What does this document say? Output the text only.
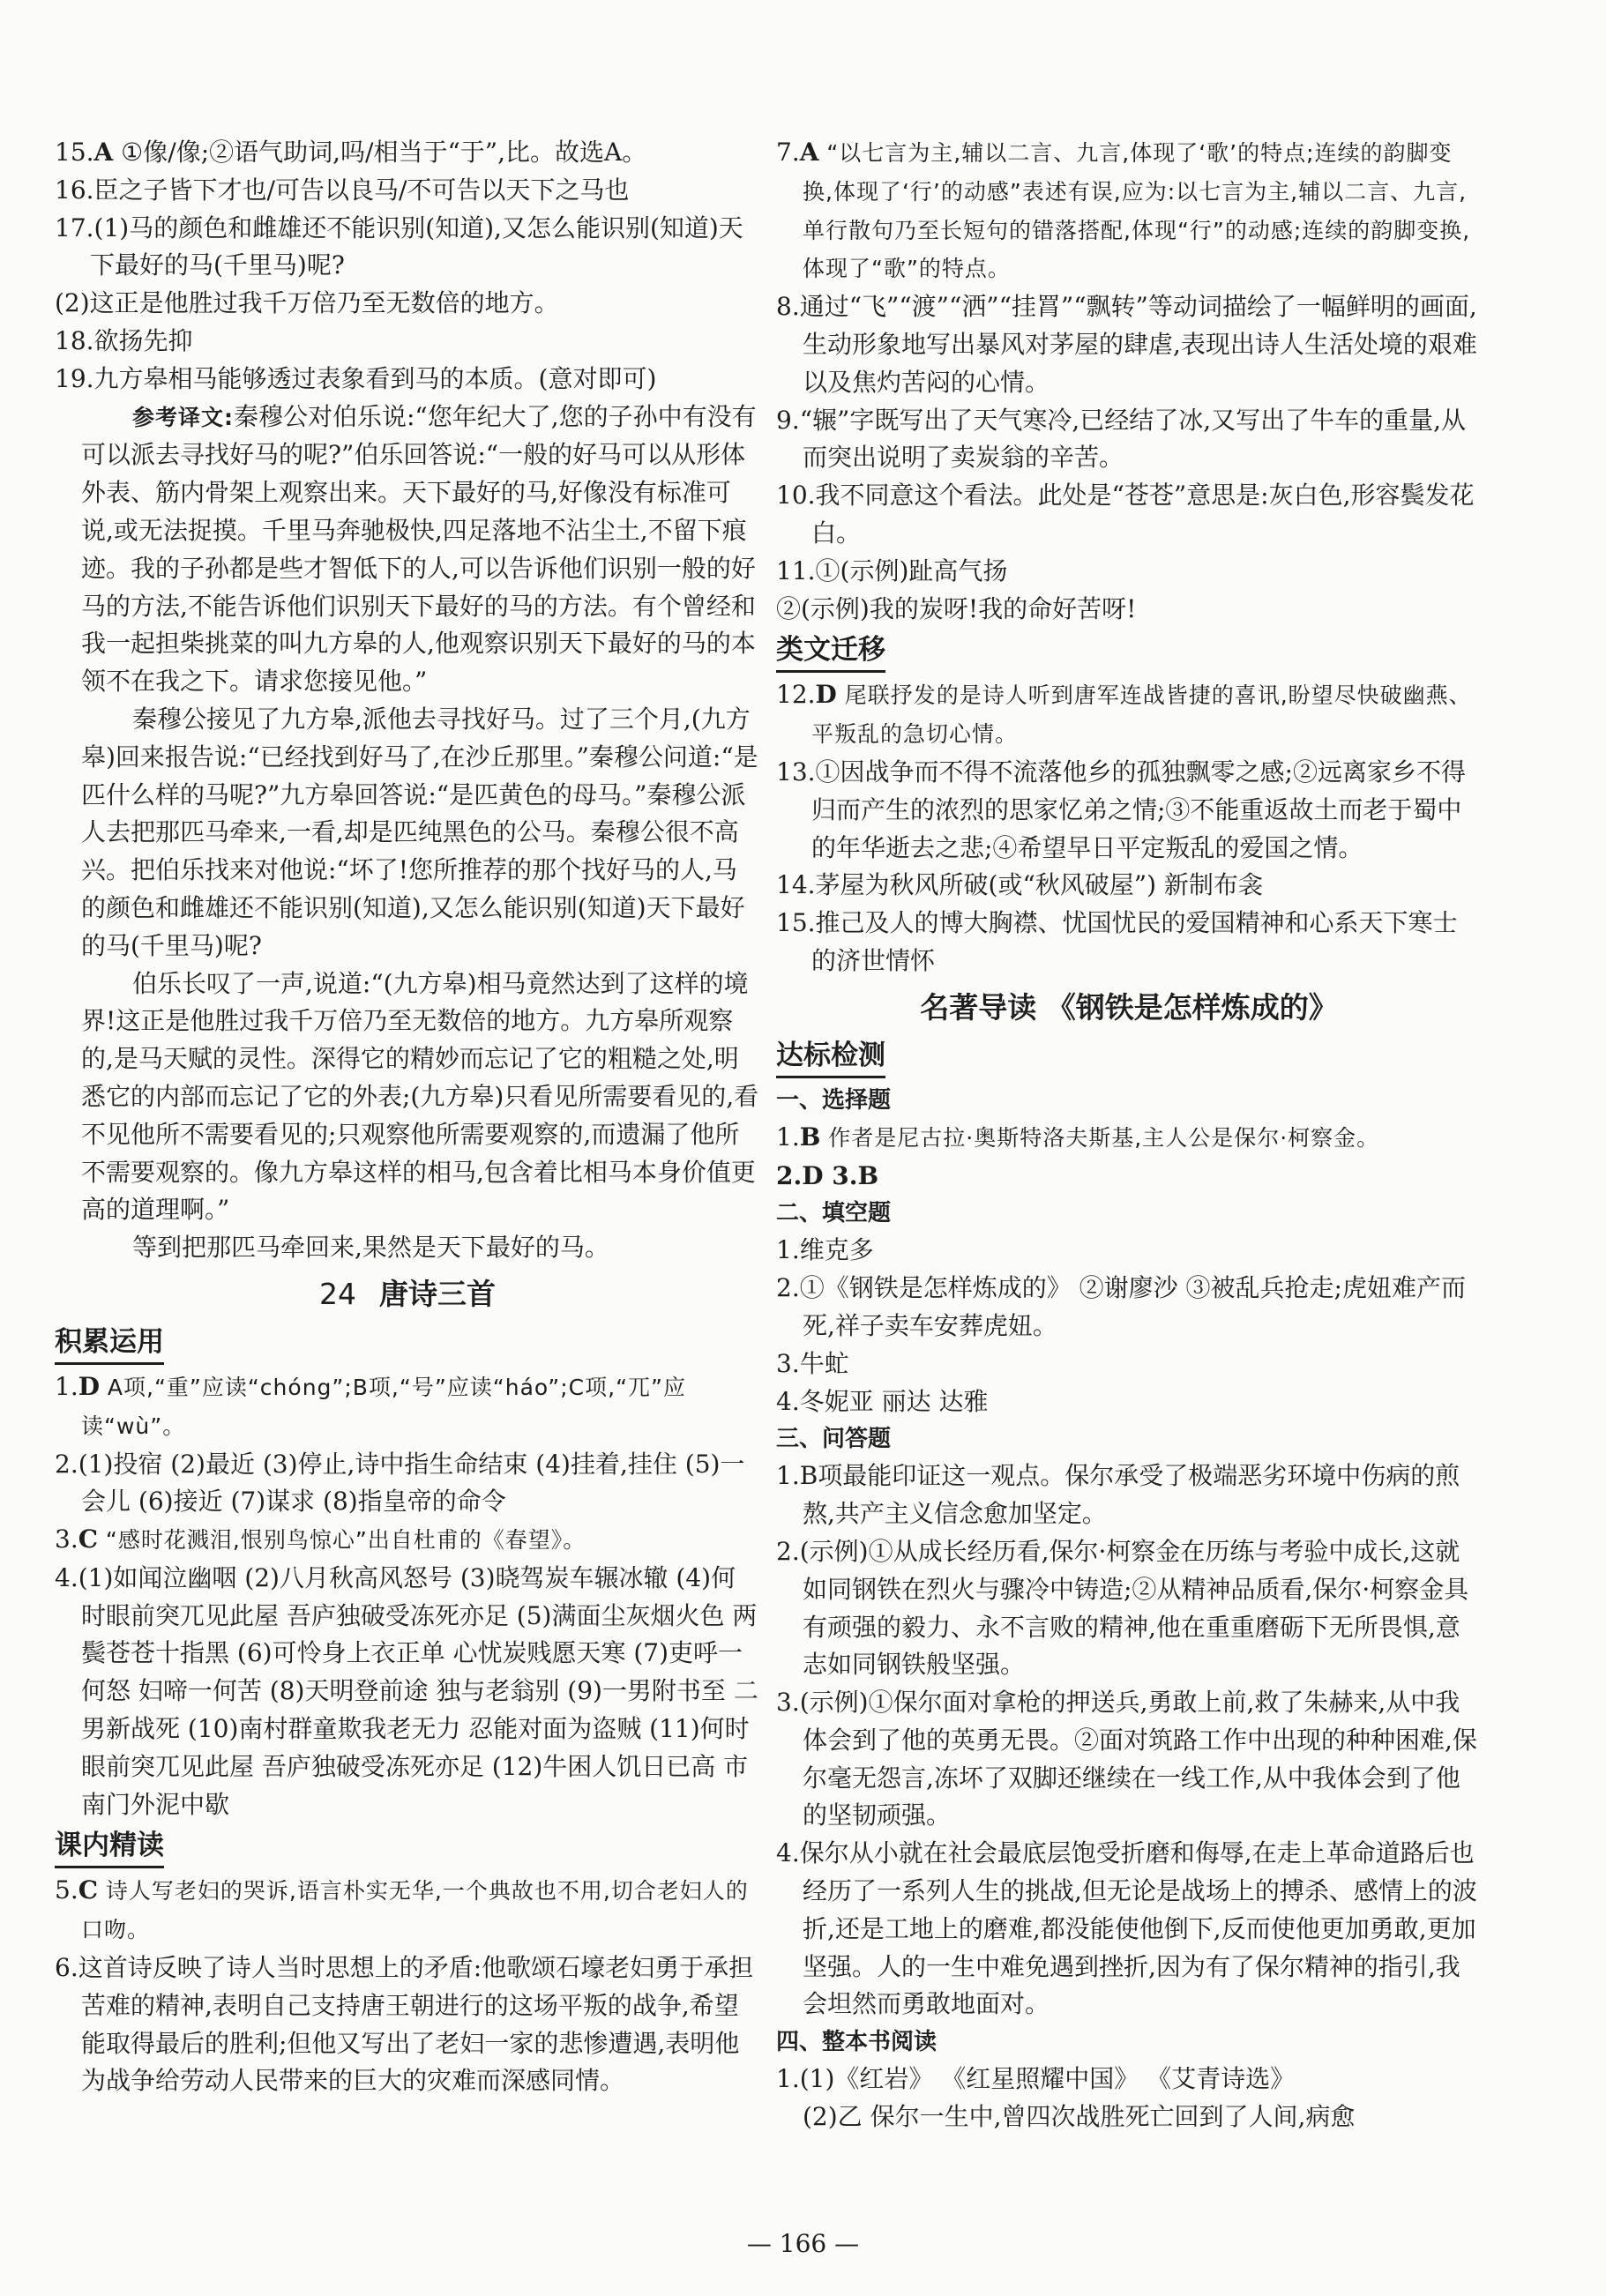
15.A ①像/像;②语气助词,吗/相当于“于”,比。故选A。

16.臣之子皆下才也/可告以良马/不可告以天下之马也

17.(1)马的颜色和雌雄还不能识别(知道),又怎么能识别(知道)天下最好的马(千里马)呢?

(2)这正是他胜过我千万倍乃至无数倍的地方。

18.欲扬先抑

19.九方皋相马能够透过表象看到马的本质。(意对即可)

参考译文:秦穆公对伯乐说:“您年纪大了,您的子孙中有没有可以派去寻找好马的呢?”伯乐回答说:“一般的好马可以从形体外表、筋内骨架上观察出来。天下最好的马,好像没有标准可说,或无法捉摸。千里马奔驰极快,四足落地不沾尘土,不留下痕迹。我的子孙都是些才智低下的人,可以告诉他们识别一般的好马的方法,不能告诉他们识别天下最好的马的方法。有个曾经和我一起担柴挑菜的叫九方皋的人,他观察识别天下最好的马的本领不在我之下。请求您接见他。”

秦穆公接见了九方皋,派他去寻找好马。过了三个月,(九方皋)回来报告说:“已经找到好马了,在沙丘那里。”秦穆公问道:“是匹什么样的马呢?”九方皋回答说:“是匹黄色的母马。”秦穆公派人去把那匹马牵来,一看,却是匹纯黑色的公马。秦穆公很不高兴。把伯乐找来对他说:“坏了!您所推荐的那个找好马的人,马的颜色和雌雄还不能识别(知道),又怎么能识别(知道)天下最好的马(千里马)呢?

伯乐长叹了一声,说道:“(九方皋)相马竟然达到了这样的境界!这正是他胜过我千万倍乃至无数倍的地方。九方皋所观察的,是马天赋的灵性。深得它的精妙而忘记了它的粗糙之处,明悉它的内部而忘记了它的外表;(九方皋)只看见所需要看见的,看不见他所不需要看见的;只观察他所需要观察的,而遗漏了他所不需要观察的。像九方皋这样的相马,包含着比相马本身价值更高的道理啊。”

等到把那匹马牵回来,果然是天下最好的马。

24 唐诗三首

积累运用

1.D A项,“重”应读“chóng”;B项,“号”应读“háo”;C项,“兀”应读“wù”。

2.(1)投宿 (2)最近 (3)停止,诗中指生命结束 (4)挂着,挂住 (5)一会儿 (6)接近 (7)谋求 (8)指皇帝的命令

3.C “感时花溅泪,恨别鸟惊心”出自杜甫的《春望》。

4.(1)如闻泣幽咽 (2)八月秋高风怒号 (3)晓驾炭车辗冰辙 (4)何时眼前突兀见此屋 吾庐独破受冻死亦足 (5)满面尘灰烟火色 两鬓苍苍十指黑 (6)可怜身上衣正单 心忧炭贱愿天寒 (7)吏呼一何怒 妇啼一何苦 (8)天明登前途 独与老翁别 (9)一男附书至 二男新战死 (10)南村群童欺我老无力 忍能对面为盗贼 (11)何时眼前突兀见此屋 吾庐独破受冻死亦足 (12)牛困人饥日已高 市南门外泥中歇

课内精读

5.C 诗人写老妇的哭诉,语言朴实无华,一个典故也不用,切合老妇人的口吻。

6.这首诗反映了诗人当时思想上的矛盾:他歌颂石壕老妇勇于承担苦难的精神,表明自己支持唐王朝进行的这场平叛的战争,希望能取得最后的胜利;但他又写出了老妇一家的悲惨遭遇,表明他为战争给劳动人民带来的巨大的灾难而深感同情。

7.A “以七言为主,辅以二言、九言,体现了‘歌’的特点;连续的韵脚变换,体现了‘行’的动感”表述有误,应为:以七言为主,辅以二言、九言,单行散句乃至长短句的错落搭配,体现“行”的动感;连续的韵脚变换,体现了“歌”的特点。

8.通过“飞”“渡”“洒”“挂罥”“飘转”等动词描绘了一幅鲜明的画面,生动形象地写出暴风对茅屋的肆虐,表现出诗人生活处境的艰难以及焦灼苦闷的心情。

9.“辗”字既写出了天气寒冷,已经结了冰,又写出了牛车的重量,从而突出说明了卖炭翁的辛苦。

10.我不同意这个看法。此处是“苍苍”意思是:灰白色,形容鬓发花白。

11.①(示例)趾高气扬

②(示例)我的炭呀!我的命好苦呀!

类文迁移

12.D 尾联抒发的是诗人听到唐军连战皆捷的喜讯,盼望尽快破幽燕、平叛乱的急切心情。

13.①因战争而不得不流落他乡的孤独飘零之感;②远离家乡不得归而产生的浓烈的思家忆弟之情;③不能重返故土而老于蜀中的年华逝去之悲;④希望早日平定叛乱的爱国之情。

14.茅屋为秋风所破(或“秋风破屋”) 新制布衾

15.推己及人的博大胸襟、忧国忧民的爱国精神和心系天下寒士的济世情怀

名著导读 《钢铁是怎样炼成的》

达标检测

一、选择题

1.B 作者是尼古拉·奥斯特洛夫斯基,主人公是保尔·柯察金。

2.D 3.B

二、填空题

1.维克多

2.①《钢铁是怎样炼成的》 ②谢廖沙 ③被乱兵抢走;虎妞难产而死,祥子卖车安葬虎妞。

3.牛虻

4.冬妮亚 丽达 达雅

三、问答题

1.B项最能印证这一观点。保尔承受了极端恶劣环境中伤病的煎熬,共产主义信念愈加坚定。

2.(示例)①从成长经历看,保尔·柯察金在历练与考验中成长,这就如同钢铁在烈火与骤冷中铸造;②从精神品质看,保尔·柯察金具有顽强的毅力、永不言败的精神,他在重重磨砺下无所畏惧,意志如同钢铁般坚强。

3.(示例)①保尔面对拿枪的押送兵,勇敢上前,救了朱赫来,从中我体会到了他的英勇无畏。②面对筑路工作中出现的种种困难,保尔毫无怨言,冻坏了双脚还继续在一线工作,从中我体会到了他的坚韧顽强。

4.保尔从小就在社会最底层饱受折磨和侮辱,在走上革命道路后也经历了一系列人生的挑战,但无论是战场上的搏杀、感情上的波折,还是工地上的磨难,都没能使他倒下,反而使他更加勇敢,更加坚强。人的一生中难免遇到挫折,因为有了保尔精神的指引,我会坦然而勇敢地面对。

四、整本书阅读

1.(1)《红岩》 《红星照耀中国》 《艾青诗选》

(2)乙 保尔一生中,曾四次战胜死亡回到了人间,病愈

— 166 —
